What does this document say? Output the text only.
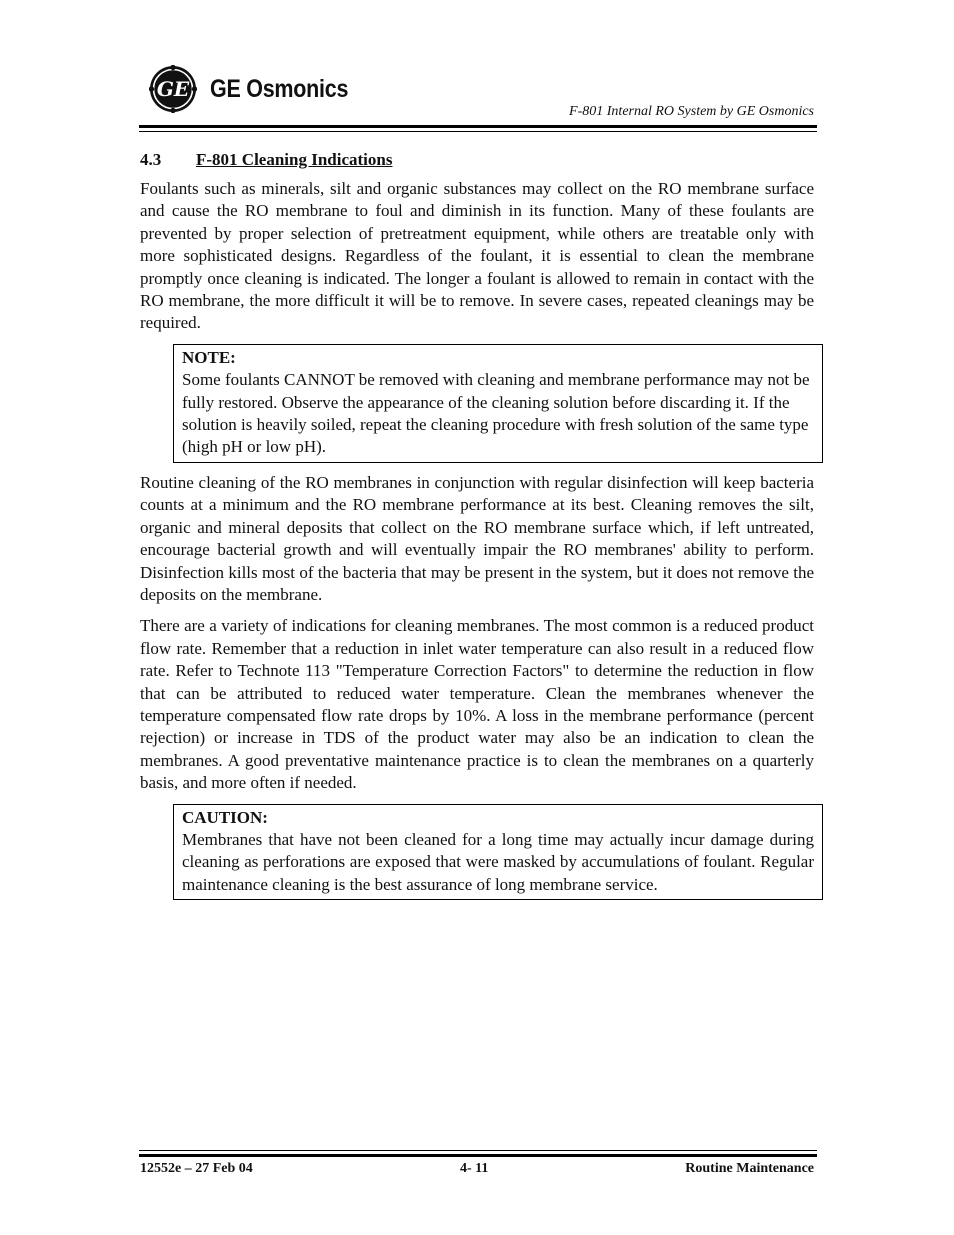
GE GE Osmonics
F-801 Internal RO System by GE Osmonics
4.3 F-801 Cleaning Indications

Foulants such as minerals, silt and organic substances may collect on the RO membrane surface and cause the RO membrane to foul and diminish in its function. Many of these foulants are prevented by proper selection of pretreatment equipment, while others are treatable only with more sophisticated designs. Regardless of the foulant, it is essential to clean the membrane promptly once cleaning is indicated. The longer a foulant is allowed to remain in contact with the RO membrane, the more difficult it will be to remove. In severe cases, repeated cleanings may be required.

NOTE:

Some foulants CANNOT be removed with cleaning and membrane performance may not be fully restored. Observe the appearance of the cleaning solution before discarding it. If the solution is heavily soiled, repeat the cleaning procedure with fresh solution of the same type (high pH or low pH).

Routine cleaning of the RO membranes in conjunction with regular disinfection will keep bacteria counts at a minimum and the RO membrane performance at its best. Cleaning removes the silt, organic and mineral deposits that collect on the RO membrane surface which, if left untreated, encourage bacterial growth and will eventually impair the RO membranes' ability to perform. Disinfection kills most of the bacteria that may be present in the system, but it does not remove the deposits on the membrane.

There are a variety of indications for cleaning membranes. The most common is a reduced product flow rate. Remember that a reduction in inlet water temperature can also result in a reduced flow rate. Refer to Technote 113 "Temperature Correction Factors" to determine the reduction in flow that can be attributed to reduced water temperature. Clean the membranes whenever the temperature compensated flow rate drops by 10%. A loss in the membrane performance (percent rejection) or increase in TDS of the product water may also be an indication to clean the membranes. A good preventative maintenance practice is to clean the membranes on a quarterly basis, and more often if needed.

CAUTION:

Membranes that have not been cleaned for a long time may actually incur damage during cleaning as perforations are exposed that were masked by accumulations of foulant. Regular maintenance cleaning is the best assurance of long membrane service.

12552e – 27 Feb 04	4- 11	Routine Maintenance
